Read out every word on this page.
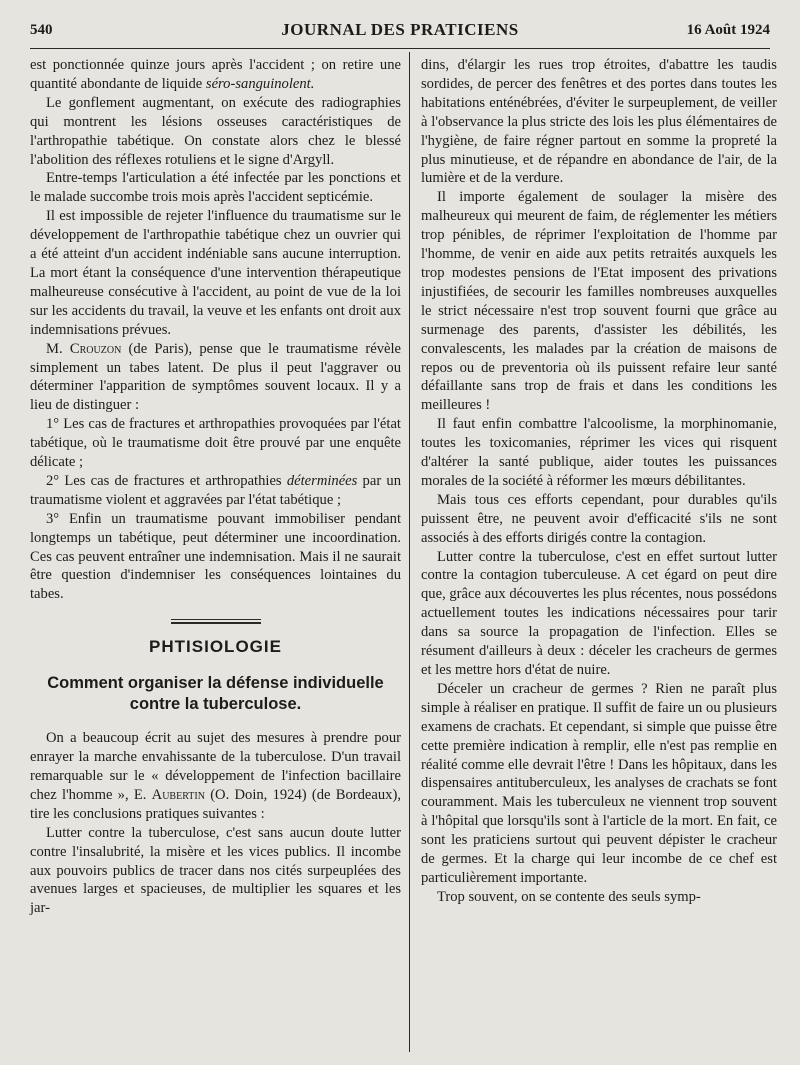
540	JOURNAL DES PRATICIENS	16 Août 1924

est ponctionnée quinze jours après l'accident ; on retire une quantité abondante de liquide séro-sanguinolent.

Le gonflement augmentant, on exécute des radiographies qui montrent les lésions osseuses caractéristiques de l'arthropathie tabétique. On constate alors chez le blessé l'abolition des réflexes rotuliens et le signe d'Argyll.

Entre-temps l'articulation a été infectée par les ponctions et le malade succombe trois mois après l'accident septicémie.

Il est impossible de rejeter l'influence du traumatisme sur le développement de l'arthropathie tabétique chez un ouvrier qui a été atteint d'un accident indéniable sans aucune interruption. La mort étant la conséquence d'une intervention thérapeutique malheureuse consécutive à l'accident, au point de vue de la loi sur les accidents du travail, la veuve et les enfants ont droit aux indemnisations prévues.

M. Crouzon (de Paris), pense que le traumatisme révèle simplement un tabes latent. De plus il peut l'aggraver ou déterminer l'apparition de symptômes souvent locaux. Il y a lieu de distinguer :

1° Les cas de fractures et arthropathies provoquées par l'état tabétique, où le traumatisme doit être prouvé par une enquête délicate ;

2° Les cas de fractures et arthropathies déterminées par un traumatisme violent et aggravées par l'état tabétique ;

3° Enfin un traumatisme pouvant immobiliser pendant longtemps un tabétique, peut déterminer une incoordination. Ces cas peuvent entraîner une indemnisation. Mais il ne saurait être question d'indemniser les conséquences lointaines du tabes.

PHTISIOLOGIE
Comment organiser la défense individuelle
contre la tuberculose.

On a beaucoup écrit au sujet des mesures à prendre pour enrayer la marche envahissante de la tuberculose. D'un travail remarquable sur le « développement de l'infection bacillaire chez l'homme », E. Aubertin (O. Doin, 1924) (de Bordeaux), tire les conclusions pratiques suivantes :

Lutter contre la tuberculose, c'est sans aucun doute lutter contre l'insalubrité, la misère et les vices publics. Il incombe aux pouvoirs publics de tracer dans nos cités surpeuplées des avenues larges et spacieuses, de multiplier les squares et les jar-

dins, d'élargir les rues trop étroites, d'abattre les taudis sordides, de percer des fenêtres et des portes dans toutes les habitations enténébrées, d'éviter le surpeuplement, de veiller à l'observance la plus stricte des lois les plus élémentaires de l'hygiène, de faire régner partout en somme la propreté la plus minutieuse, et de répandre en abondance de l'air, de la lumière et de la verdure.

Il importe également de soulager la misère des malheureux qui meurent de faim, de réglementer les métiers trop pénibles, de réprimer l'exploitation de l'homme par l'homme, de venir en aide aux petits retraités auxquels les trop modestes pensions de l'Etat imposent des privations injustifiées, de secourir les familles nombreuses auxquelles le strict nécessaire n'est trop souvent fourni que grâce au surmenage des parents, d'assister les débilités, les convalescents, les malades par la création de maisons de repos ou de preventoria où ils puissent refaire leur santé défaillante sans trop de frais et dans les conditions les meilleures !

Il faut enfin combattre l'alcoolisme, la morphinomanie, toutes les toxicomanies, réprimer les vices qui risquent d'altérer la santé publique, aider toutes les puissances morales de la société à réformer les mœurs débilitantes.

Mais tous ces efforts cependant, pour durables qu'ils puissent être, ne peuvent avoir d'efficacité s'ils ne sont associés à des efforts dirigés contre la contagion.

Lutter contre la tuberculose, c'est en effet surtout lutter contre la contagion tuberculeuse. A cet égard on peut dire que, grâce aux découvertes les plus récentes, nous possédons actuellement toutes les indications nécessaires pour tarir dans sa source la propagation de l'infection. Elles se résument d'ailleurs à deux : déceler les cracheurs de germes et les mettre hors d'état de nuire.

Déceler un cracheur de germes ? Rien ne paraît plus simple à réaliser en pratique. Il suffit de faire un ou plusieurs examens de crachats. Et cependant, si simple que puisse être cette première indication à remplir, elle n'est pas remplie en réalité comme elle devrait l'être ! Dans les hôpitaux, dans les dispensaires antituberculeux, les analyses de crachats se font couramment. Mais les tuberculeux ne viennent trop souvent à l'hôpital que lorsqu'ils sont à l'article de la mort. En fait, ce sont les praticiens surtout qui peuvent dépister le cracheur de germes. Et la charge qui leur incombe de ce chef est particulièrement importante.

Trop souvent, on se contente des seuls symp-
